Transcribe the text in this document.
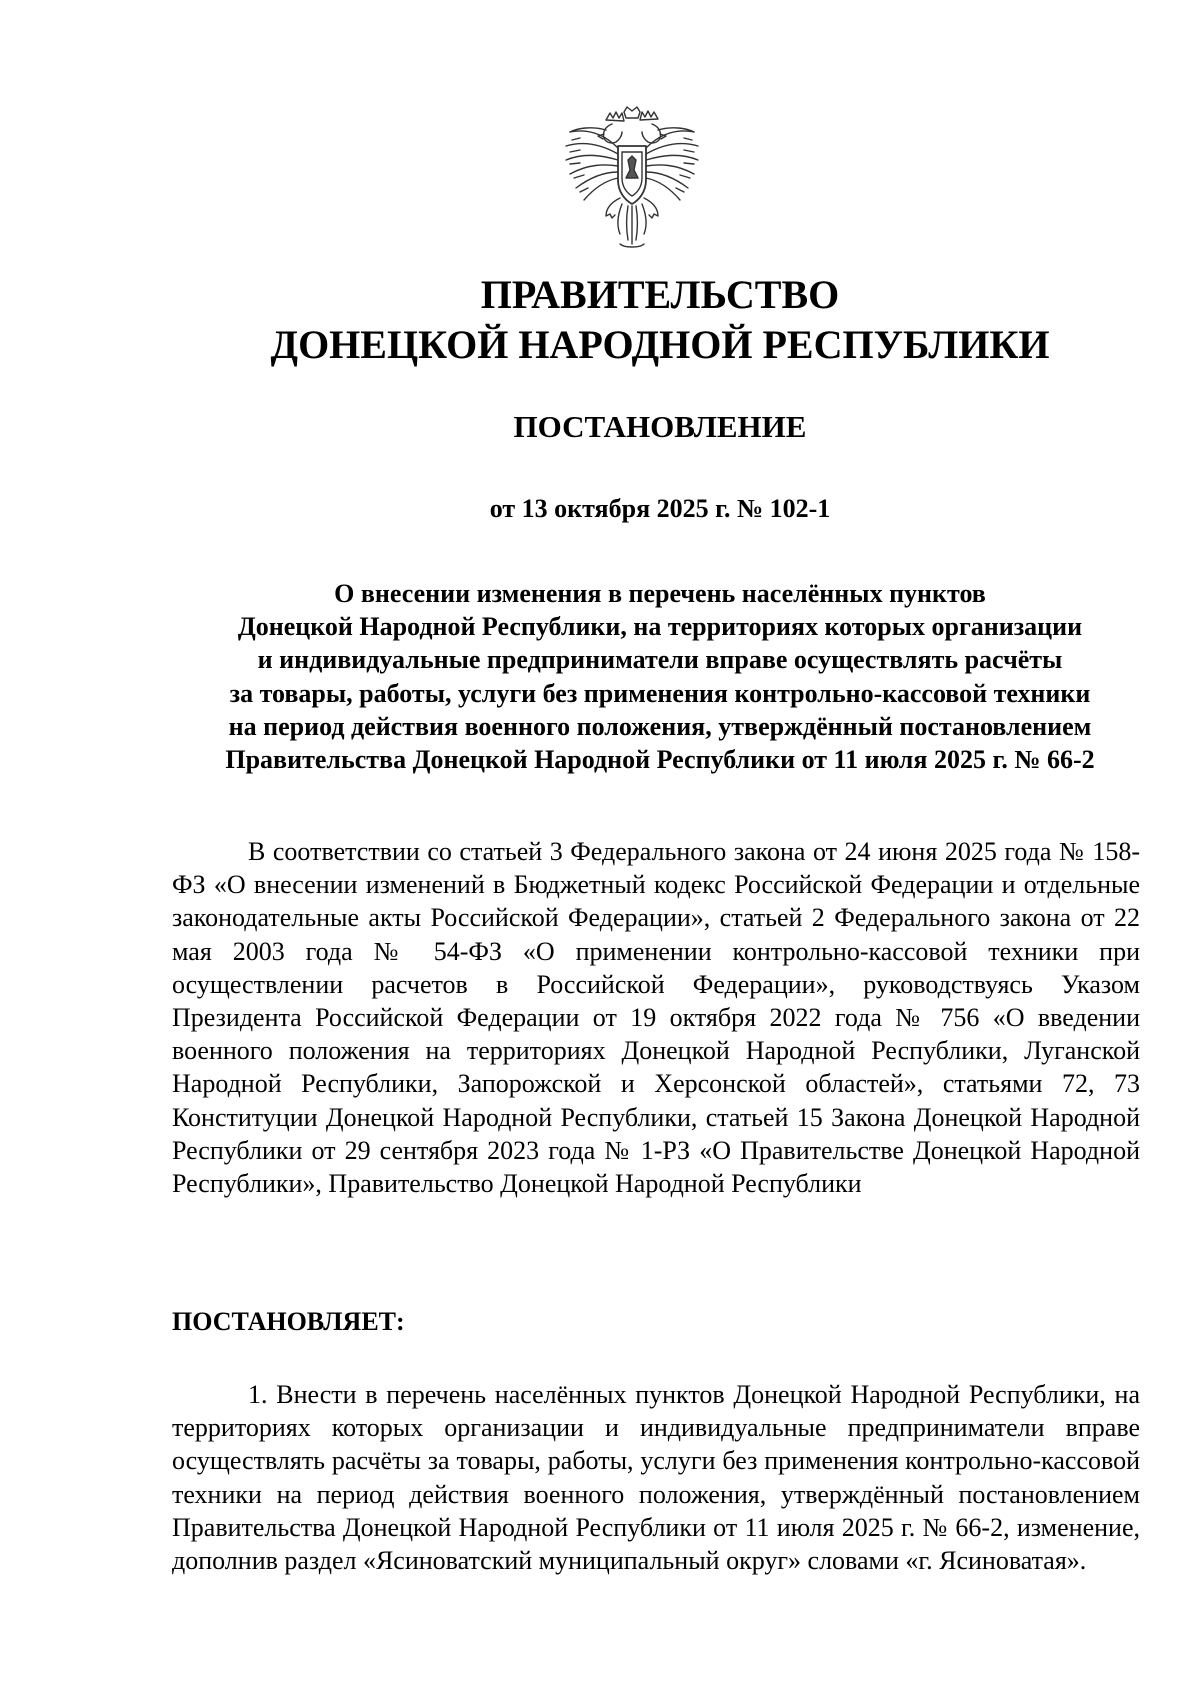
ПРАВИТЕЛЬСТВО
ДОНЕЦКОЙ НАРОДНОЙ РЕСПУБЛИКИ
ПОСТАНОВЛЕНИЕ
от 13 октября 2025 г. № 102-1
О внесении изменения в перечень населённых пунктов
Донецкой Народной Республики, на территориях которых организации
и индивидуальные предприниматели вправе осуществлять расчёты
за товары, работы, услуги без применения контрольно-кассовой техники
на период действия военного положения, утверждённый постановлением
Правительства Донецкой Народной Республики от 11 июля 2025 г. № 66-2

В соответствии со статьей 3 Федерального закона от 24 июня 2025 года № 158-ФЗ «О внесении изменений в Бюджетный кодекс Российской Федерации и отдельные законодательные акты Российской Федерации», статьей 2 Федерального закона от 22 мая 2003 года № 54-ФЗ «О применении контрольно-кассовой техники при осуществлении расчетов в Российской Федерации», руководствуясь Указом Президента Российской Федерации от 19 октября 2022 года № 756 «О введении военного положения на территориях Донецкой Народной Республики, Луганской Народной Республики, Запорожской и Херсонской областей», статьями 72, 73 Конституции Донецкой Народной Республики, статьей 15 Закона Донецкой Народной Республики от 29 сентября 2023 года № 1-РЗ «О Правительстве Донецкой Народной Республики», Правительство Донецкой Народной Республики

ПОСТАНОВЛЯЕТ:

1. Внести в перечень населённых пунктов Донецкой Народной Республики, на территориях которых организации и индивидуальные предприниматели вправе осуществлять расчёты за товары, работы, услуги без применения контрольно-кассовой техники на период действия военного положения, утверждённый постановлением Правительства Донецкой Народной Республики от 11 июля 2025 г. № 66-2, изменение, дополнив раздел «Ясиноватский муниципальный округ» словами «г. Ясиноватая».
